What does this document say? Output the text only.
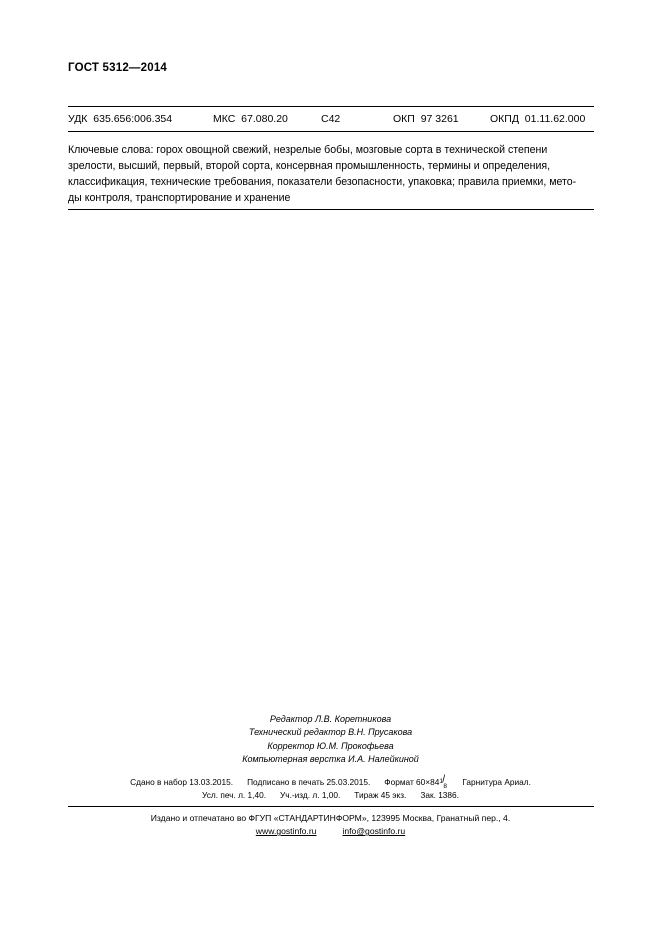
ГОСТ 5312—2014
УДК 635.656:006.354	МКС 67.080.20	С42	ОКП 97 3261	ОКПД 01.11.62.000
Ключевые слова: горох овощной свежий, незрелые бобы, мозговые сорта в технической степени
зрелости, высший, первый, второй сорта, консервная промышленность, термины и определения,
классификация, технические требования, показатели безопасности, упаковка; правила приемки, мето-
ды контроля, транспортирование и хранение
Редактор Л.В. Коретникова
Технический редактор В.Н. Прусакова
Корректор Ю.М. Прокофьева
Компьютерная верстка И.А. Налейкиной
Сдано в набор 13.03.2015. Подписано в печать 25.03.2015. Формат 60×84 1 /
8 Гарнитура Ариал.
Усл. печ. л. 1,40. Уч.-изд. л. 1,00. Тираж 45 экз. Зак. 1386.
Издано и отпечатано во ФГУП «СТАНДАРТИНФОРМ», 123995 Москва, Гранатный пер., 4.
www.gostinfo.ru	info@gostinfo.ru
